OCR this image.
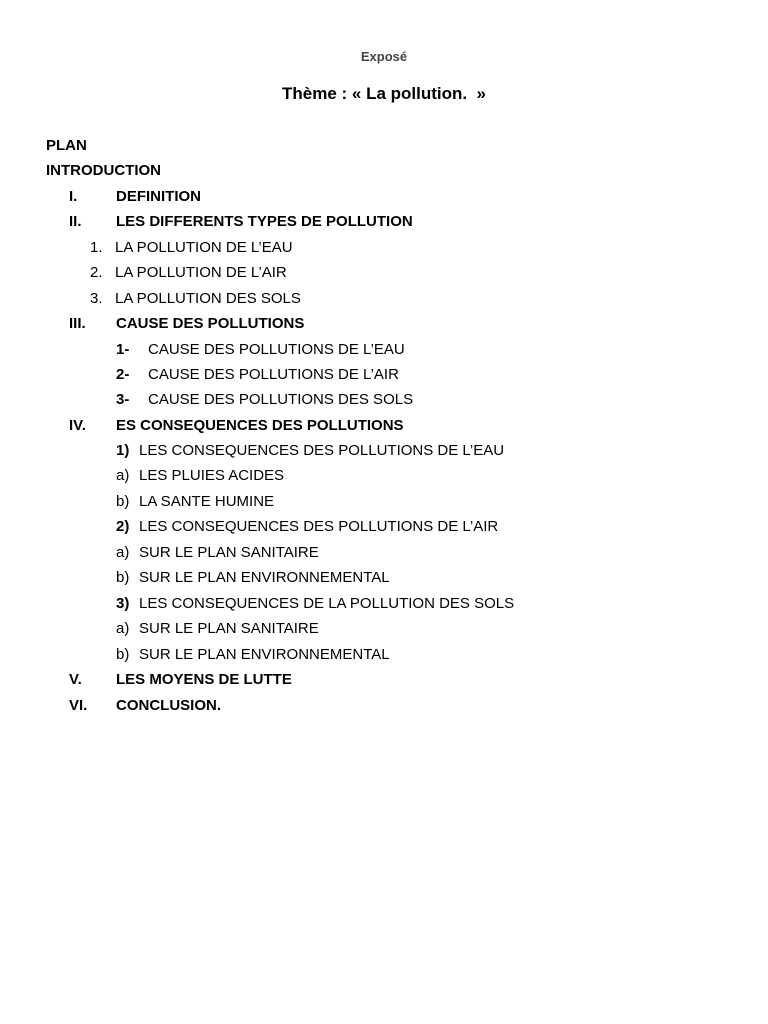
Exposé
Thème : « La pollution.  »
PLAN
INTRODUCTION
I.	DEFINITION
II. LES DIFFERENTS TYPES DE POLLUTION
1. LA POLLUTION DE L’EAU
2. LA POLLUTION DE L’AIR
3. LA POLLUTION DES SOLS
III. CAUSE DES POLLUTIONS
1- CAUSE DES POLLUTIONS DE L’EAU
2- CAUSE DES POLLUTIONS DE L’AIR
3- CAUSE DES POLLUTIONS DES SOLS
IV. ES CONSEQUENCES DES POLLUTIONS
1) LES CONSEQUENCES DES POLLUTIONS DE L’EAU
a) LES PLUIES ACIDES
b) LA SANTE HUMINE
2) LES CONSEQUENCES DES POLLUTIONS DE L’AIR
a) SUR LE PLAN SANITAIRE
b) SUR LE PLAN ENVIRONNEMENTAL
3) LES CONSEQUENCES DE LA POLLUTION DES SOLS
a) SUR LE PLAN SANITAIRE
b) SUR LE PLAN ENVIRONNEMENTAL
V. LES MOYENS DE LUTTE
VI. CONCLUSION.
